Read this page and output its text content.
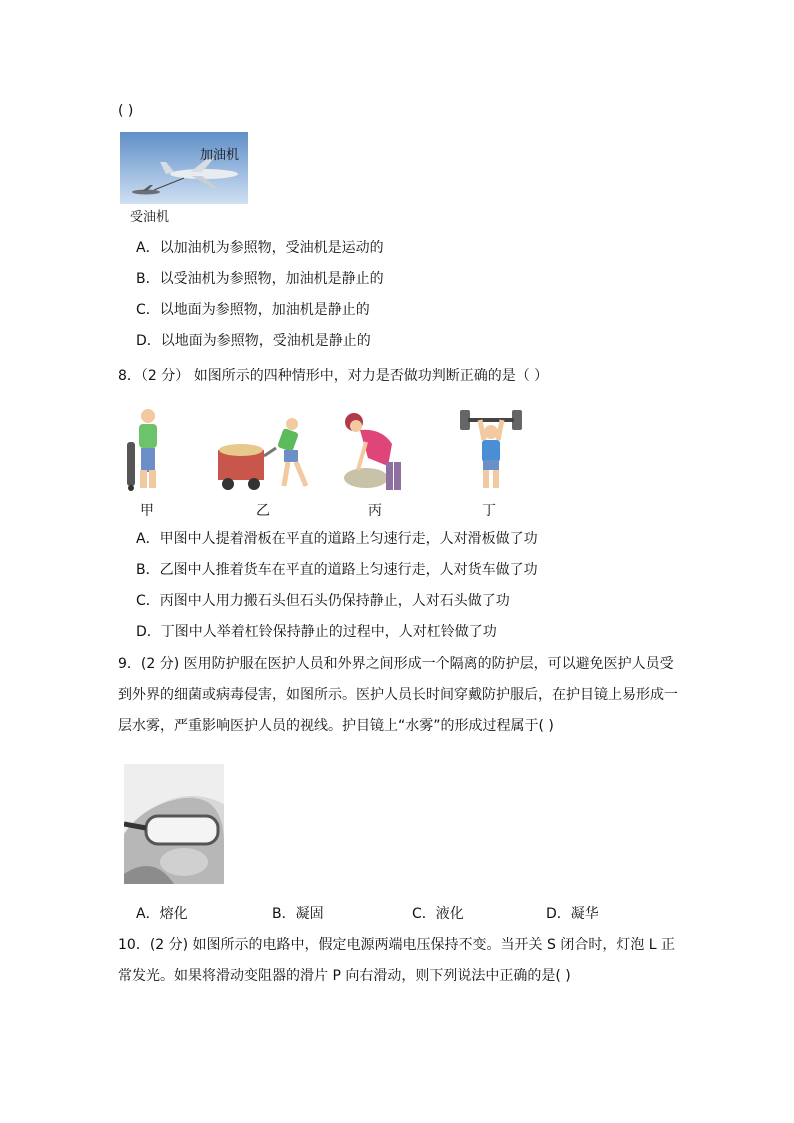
( )
加油机
受油机
A．以加油机为参照物，受油机是运动的
B．以受油机为参照物，加油机是静止的
C．以地面为参照物，加油机是静止的
D．以地面为参照物，受油机是静止的
8．（2 分） 如图所示的四种情形中，对力是否做功判断正确的是（ ）
甲	乙	丙	丁
A．甲图中人提着滑板在平直的道路上匀速行走，人对滑板做了功
B．乙图中人推着货车在平直的道路上匀速行走，人对货车做了功
C．丙图中人用力搬石头但石头仍保持静止，人对石头做了功
D．丁图中人举着杠铃保持静止的过程中，人对杠铃做了功
9．(2 分) 医用防护服在医护人员和外界之间形成一个隔离的防护层，可以避免医护人员受
到外界的细菌或病毒侵害，如图所示。医护人员长时间穿戴防护服后，在护目镜上易形成一
层水雾，严重影响医护人员的视线。护目镜上“水雾”的形成过程属于( )
A．熔化	B．凝固	C．液化	D．凝华
10．(2 分) 如图所示的电路中，假定电源两端电压保持不变。当开关 S 闭合时，灯泡 L 正
常发光。如果将滑动变阻器的滑片 P 向右滑动，则下列说法中正确的是( )
